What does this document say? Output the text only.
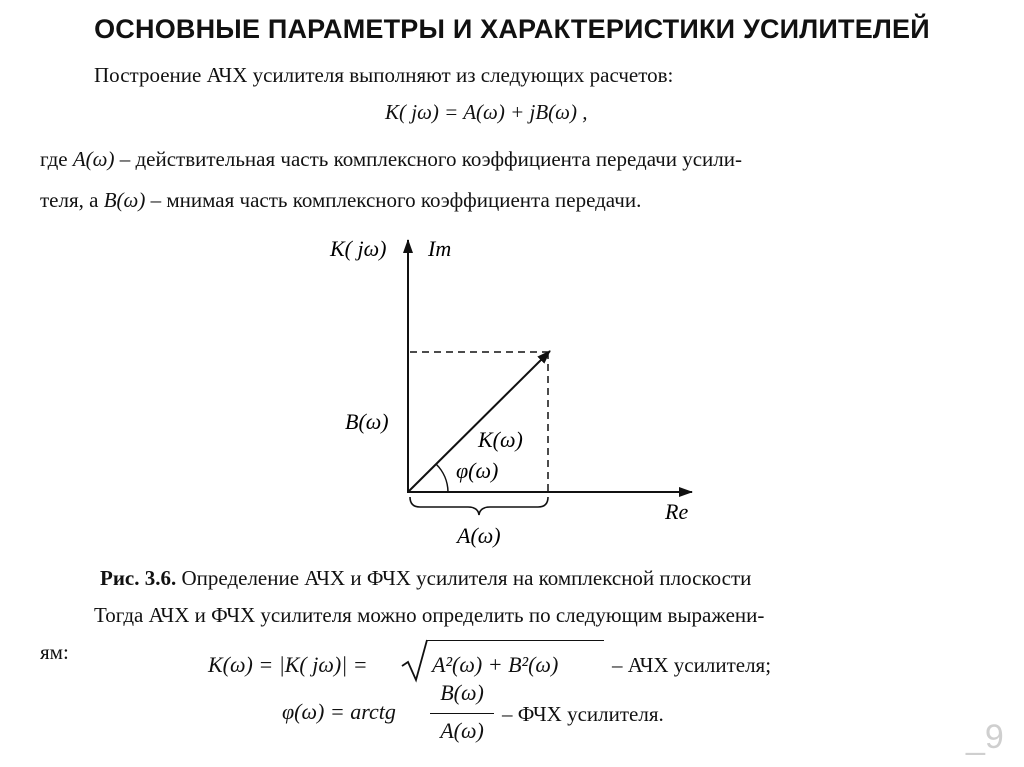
ОСНОВНЫЕ ПАРАМЕТРЫ И ХАРАКТЕРИСТИКИ УСИЛИТЕЛЕЙ
Построение АЧХ усилителя выполняют из следующих расчетов:
K( jω) = A(ω) + jB(ω) ,
где A(ω) – действительная часть комплексного коэффициента передачи усили-
теля, а B(ω) – мнимая часть комплексного коэффициента передачи.
K( jω) Im
Re
B(ω)
K(ω)
φ(ω)
A(ω)
Рис. 3.6. Определение АЧХ и ФЧХ усилителя на комплексной плоскости
Тогда АЧХ и ФЧХ усилителя можно определить по следующим выражени-
ям:	K(ω) = |K( jω)| =	A²(ω) + B²(ω)	– АЧХ усилителя;
φ(ω) = arctg
B(ω)
A(ω)
– ФЧХ усилителя.
_9
